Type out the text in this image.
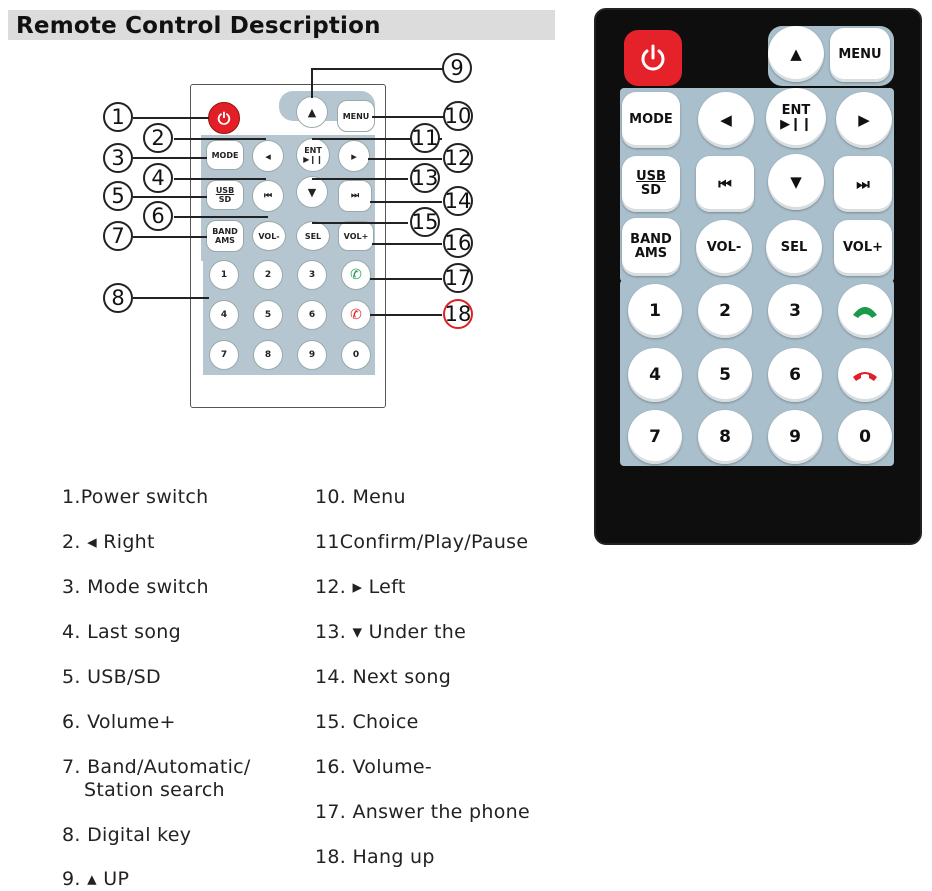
Remote Control Description
⏻	▲	MENU
MODE	◂	ENT
▶❙❙	▸
USB
SD	⏮	▼	⏭
BAND
AMS	VOL-	SEL	VOL+
1	2	3
4	5	6
7	8	9	0
✆
✆
1
2
3
4
5
6
7
8
9
10
11
12
13
14
15
16
17
18
▲	MENU
MODE	◀
ENT
▶❙❙	▶
USB
SD	⏮	▼	⏭
BAND
AMS	VOL-	SEL	VOL+
1	2	3
4	5	6
7	8	9	0
1.Power switch
2. ◂ Right
3. Mode switch
4. Last song
5. USB/SD
6. Volume+
7. Band/Automatic/
Station search
8. Digital key
9. ▴ UP
10. Menu
11Confirm/Play/Pause
12. ▸ Left
13. ▾ Under the
14. Next song
15. Choice
16. Volume-
17. Answer the phone
18. Hang up
